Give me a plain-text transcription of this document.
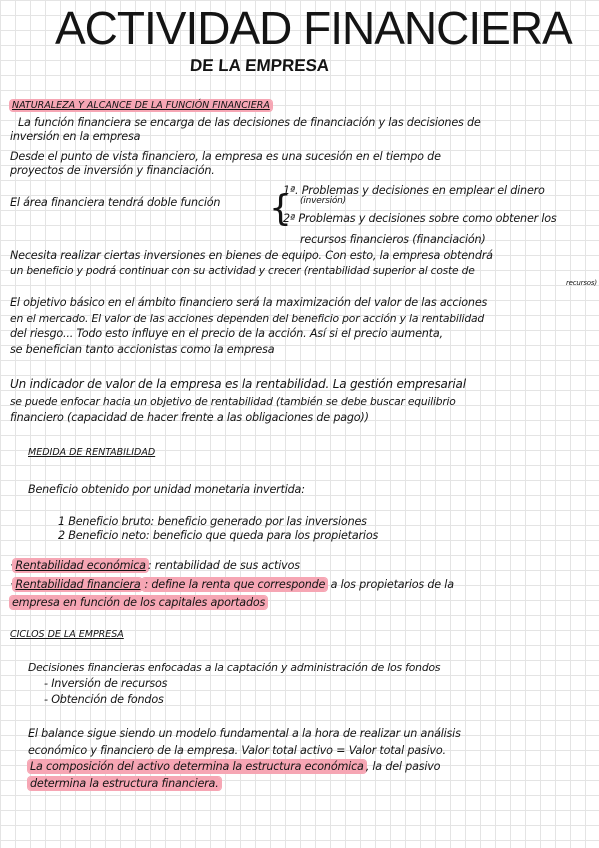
ACTIVIDAD FINANCIERA
DE LA EMPRESA
NATURALEZA Y ALCANCE DE LA FUNCIÓN FINANCIERA
La función financiera se encarga de las decisiones de financiación y las decisiones de
inversión en la empresa
Desde el punto de vista financiero, la empresa es una sucesión en el tiempo de
proyectos de inversión y financiación.
El área financiera tendrá doble función {
1ª. Problemas y decisiones en emplear el dinero
(inversión)
2ª Problemas y decisiones sobre como obtener los
recursos financieros (financiación)
Necesita realizar ciertas inversiones en bienes de equipo. Con esto, la empresa obtendrá
un beneficio y podrá continuar con su actividad y crecer (rentabilidad superior al coste de
recursos)
El objetivo básico en el ámbito financiero será la maximización del valor de las acciones
en el mercado. El valor de las acciones dependen del beneficio por acción y la rentabilidad
del riesgo... Todo esto influye en el precio de la acción. Así si el precio aumenta,
se benefician tanto accionistas como la empresa
Un indicador de valor de la empresa es la rentabilidad. La gestión empresarial
se puede enfocar hacia un objetivo de rentabilidad (también se debe buscar equilibrio
financiero (capacidad de hacer frente a las obligaciones de pago))
MEDIDA DE RENTABILIDAD
Beneficio obtenido por unidad monetaria invertida:
1 Beneficio bruto: beneficio generado por las inversiones
2 Beneficio neto: beneficio que queda para los propietarios
· Rentabilidad económica : rentabilidad de sus activos
· Rentabilidad financiera : define la renta que corresponde a los propietarios de la
empresa en función de los capitales aportados
CICLOS DE LA EMPRESA
Decisiones financieras enfocadas a la captación y administración de los fondos
- Inversión de recursos
- Obtención de fondos
El balance sigue siendo un modelo fundamental a la hora de realizar un análisis
económico y financiero de la empresa. Valor total activo = Valor total pasivo.
La composición del activo determina la estructura económica , la del pasivo
determina la estructura financiera.
